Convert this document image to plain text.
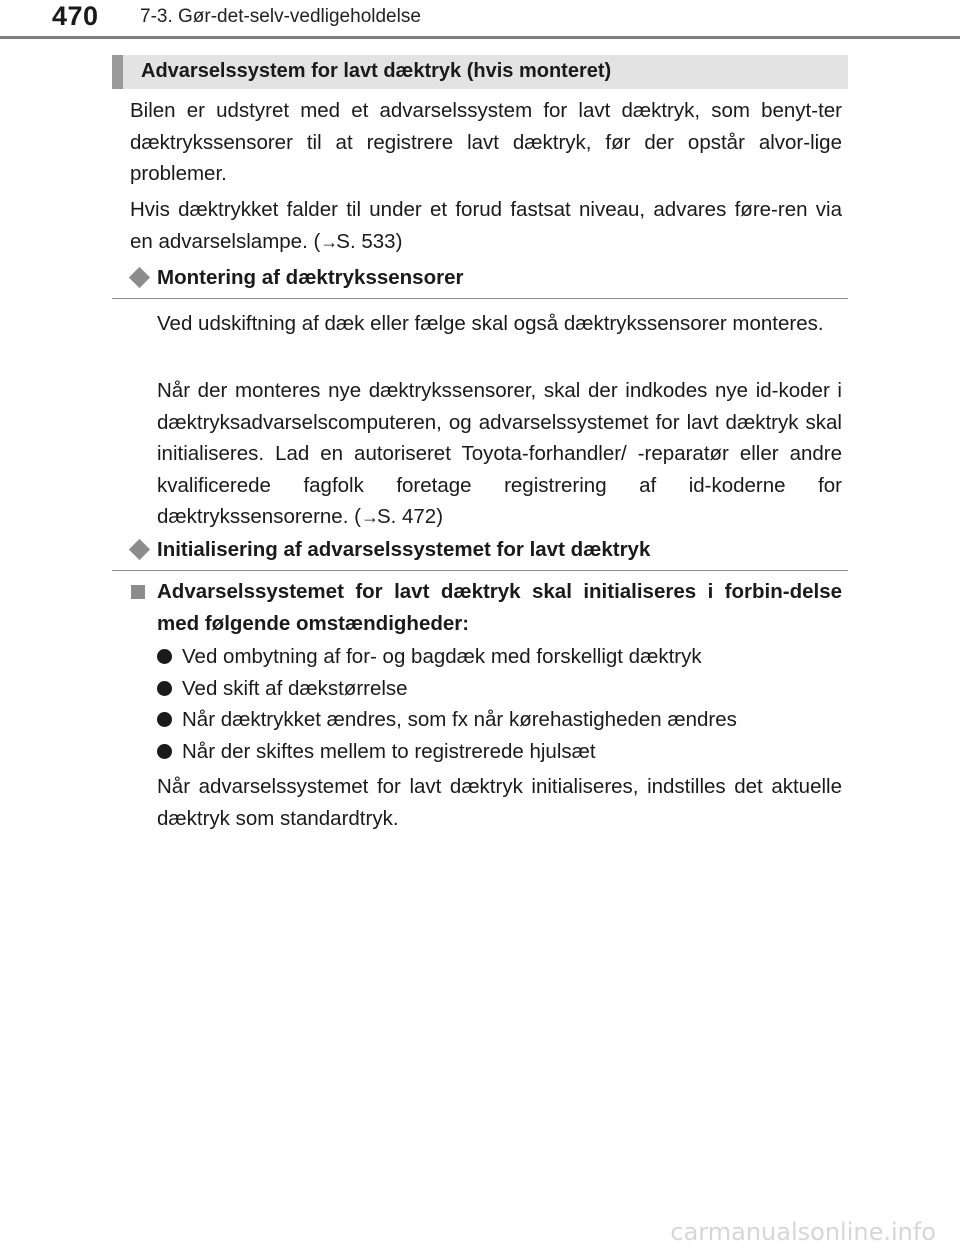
470 7-3. Gør-det-selv-vedligeholdelse
Advarselssystem for lavt dæktryk (hvis monteret)

Bilen er udstyret med et advarselssystem for lavt dæktryk, som benyt-ter dæktrykssensorer til at registrere lavt dæktryk, før der opstår alvor-lige problemer.

Hvis dæktrykket falder til under et forud fastsat niveau, advares føre-ren via en advarselslampe. (→S. 533)

Montering af dæktrykssensorer

Ved udskiftning af dæk eller fælge skal også dæktrykssensorer monteres.

Når der monteres nye dæktrykssensorer, skal der indkodes nye id-koder i dæktryksadvarselscomputeren, og advarselssystemet for lavt dæktryk skal initialiseres. Lad en autoriseret Toyota-forhandler/ -reparatør eller andre kvalificerede fagfolk foretage registrering af id-koderne for dæktrykssensorerne. (→S. 472)

Initialisering af advarselssystemet for lavt dæktryk

Advarselssystemet for lavt dæktryk skal initialiseres i forbin-delse med følgende omstændigheder:

Ved ombytning af for- og bagdæk med forskelligt dæktryk
Ved skift af dækstørrelse
Når dæktrykket ændres, som fx når kørehastigheden ændres
Når der skiftes mellem to registrerede hjulsæt

Når advarselssystemet for lavt dæktryk initialiseres, indstilles det aktuelle dæktryk som standardtryk.

carmanualsonline.info
